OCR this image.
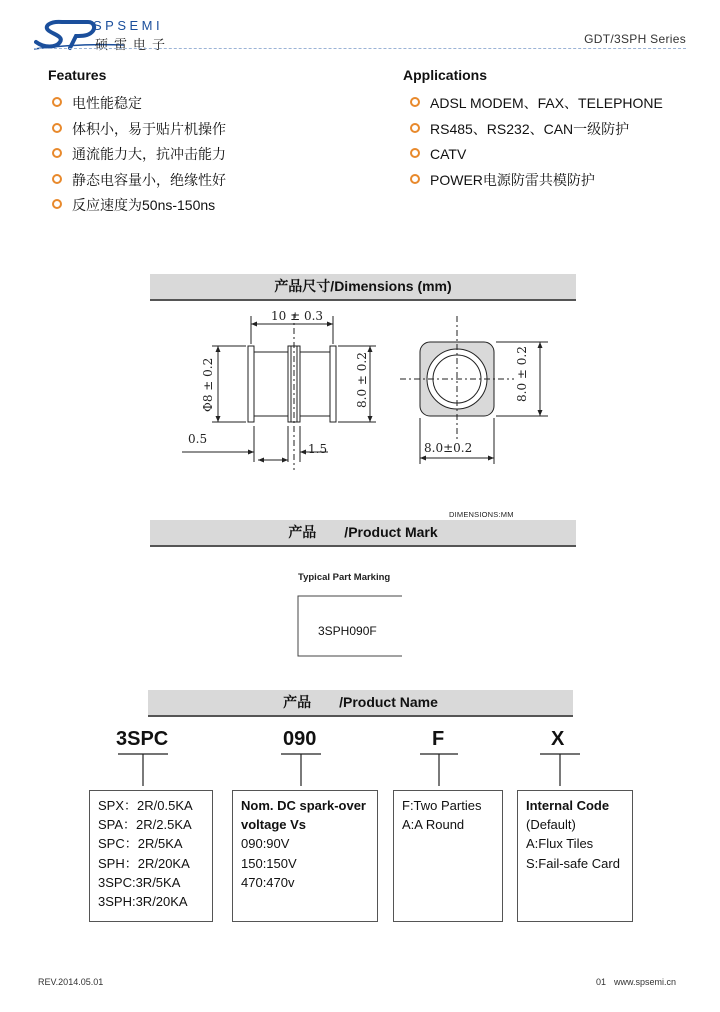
SPSEMI
硕雷电子	GDT/3SPH Series
Features
电性能稳定
体积小，易于贴片机操作
通流能力大，抗冲击能力
静态电容量小，绝缘性好
反应速度为50ns-150ns
Applications
ADSL MODEM、FAX、TELEPHONE
RS485、RS232、CAN一级防护
CATV
POWER电源防雷共模防护
产品尺寸/Dimensions (mm)
10 ± 0.3
Φ8 ± 0.2	8.0 ± 0.2
0.5
1.5
8.0 ± 0.2
8.0±0.2
DIMENSIONS:MM
产品　　/Product Mark
Typical Part Marking
3SPH090F
产品　　/Product Name
3SPC	090	F	X
SPX：2R/0.5KA
SPA：2R/2.5KA
SPC：2R/5KA
SPH：2R/20KA
3SPC:3R/5KA
3SPH:3R/20KA
Nom. DC spark-over
voltage Vs
090:90V
150:150V
470:470v
F:Two Parties
A:A Round
Internal Code
(Default)
A:Flux Tiles
S:Fail-safe Card
REV.2014.05.01	01 www.spsemi.cn
